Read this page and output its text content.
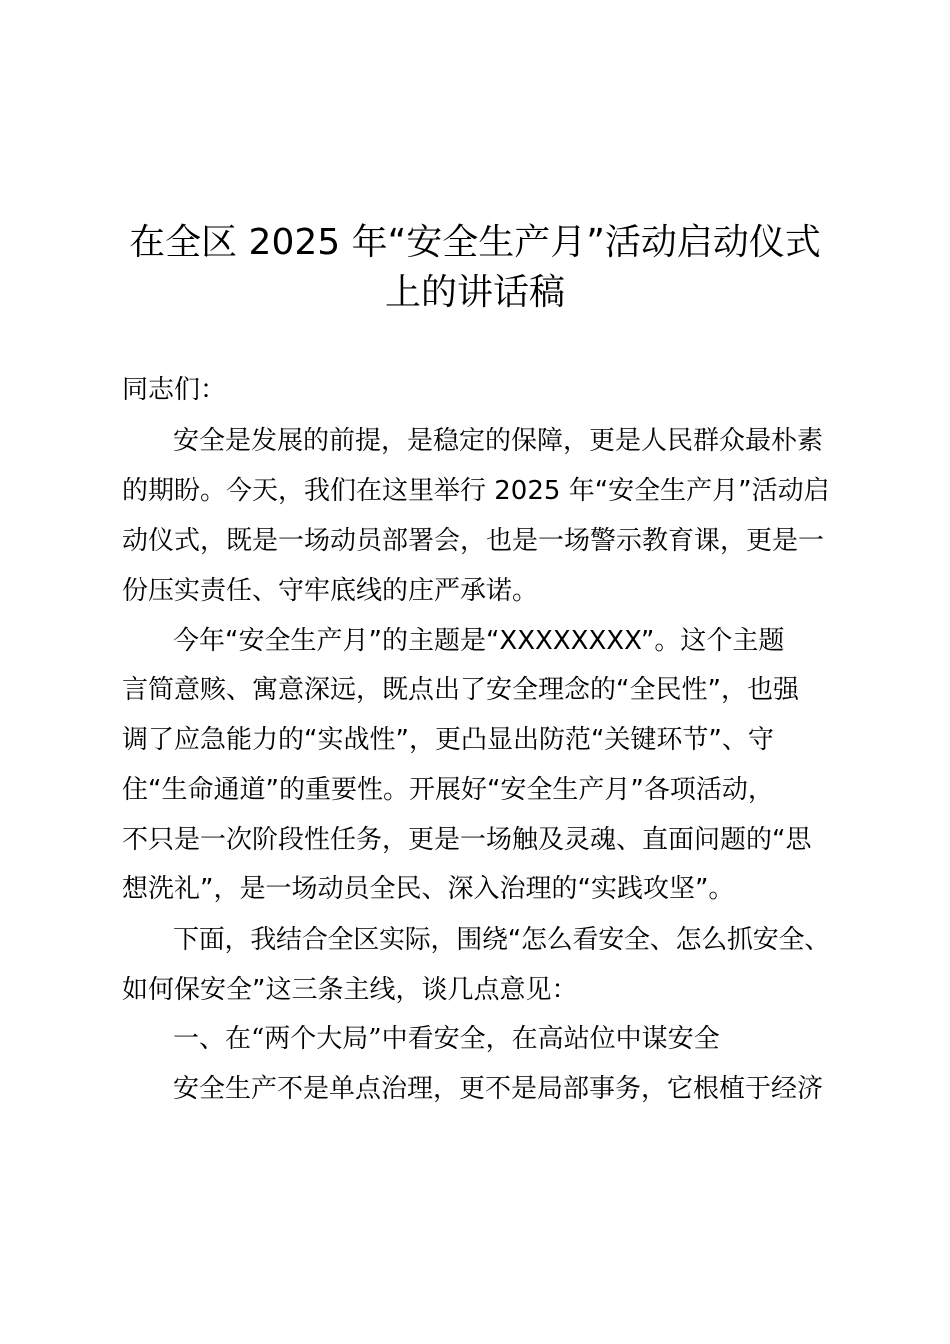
在全区 2025 年“安全生产月”活动启动仪式
上的讲话稿
同志们：
安全是发展的前提，是稳定的保障，更是人民群众最朴素
的期盼。今天，我们在这里举行 2025 年“安全生产月”活动启
动仪式，既是一场动员部署会，也是一场警示教育课，更是一
份压实责任、守牢底线的庄严承诺。
今年“安全生产月”的主题是“XXXXXXXX”。这个主题
言简意赅、寓意深远，既点出了安全理念的“全民性”，也强
调了应急能力的“实战性”，更凸显出防范“关键环节”、守
住“生命通道”的重要性。开展好“安全生产月”各项活动，
不只是一次阶段性任务，更是一场触及灵魂、直面问题的“思
想洗礼”，是一场动员全民、深入治理的“实践攻坚”。
下面，我结合全区实际，围绕“怎么看安全、怎么抓安全、
如何保安全”这三条主线，谈几点意见：
一、在“两个大局”中看安全，在高站位中谋安全
安全生产不是单点治理，更不是局部事务，它根植于经济
